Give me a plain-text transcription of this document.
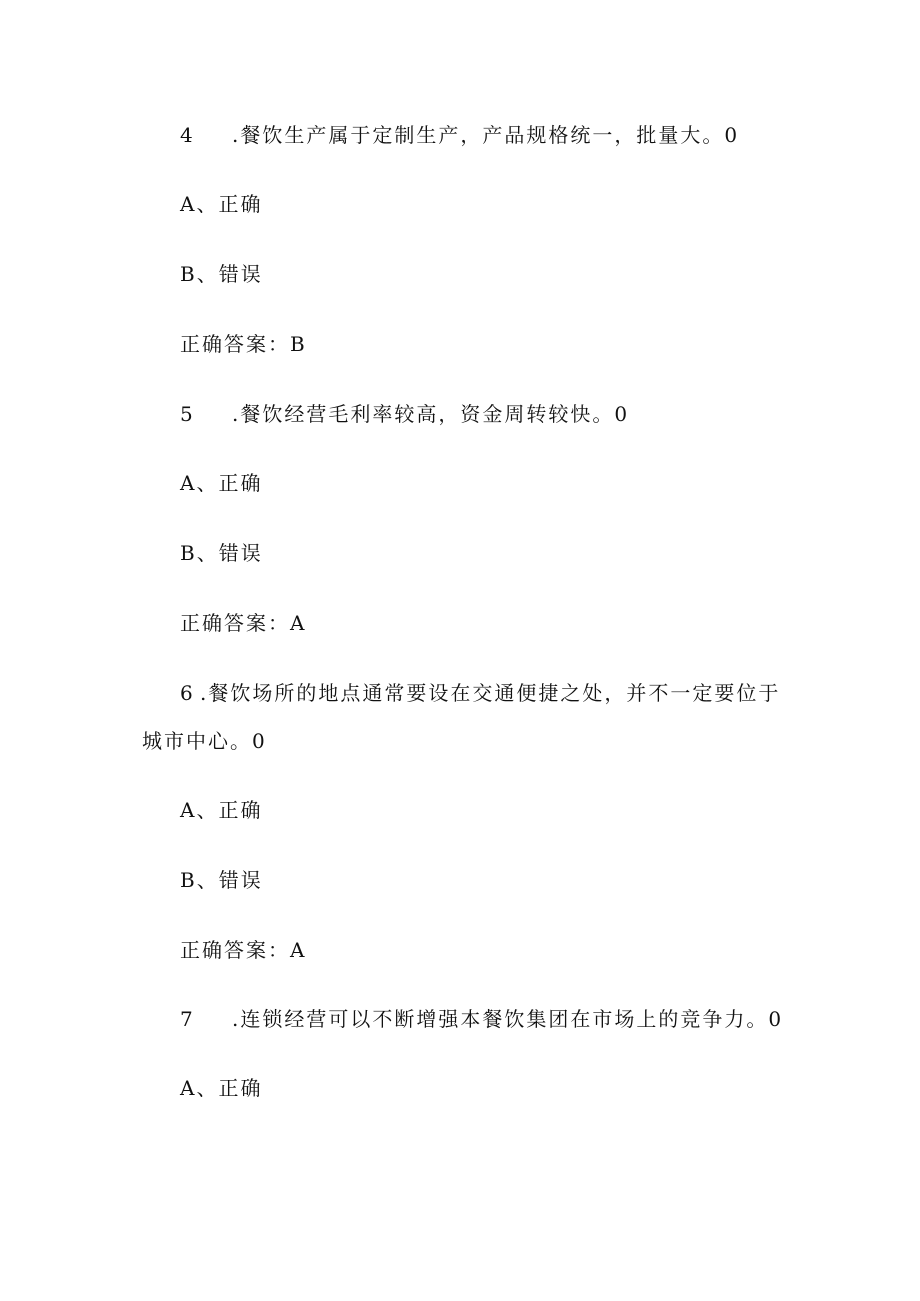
4 .餐饮生产属于定制生产，产品规格统一，批量大。0
A、正确
B、错误
正确答案：B
5 .餐饮经营毛利率较高，资金周转较快。0
A、正确
B、错误
正确答案：A
6 .餐饮场所的地点通常要设在交通便捷之处，并不一定要位于
城市中心。0
A、正确
B、错误
正确答案：A
7 .连锁经营可以不断增强本餐饮集团在市场上的竞争力。0
A、正确
